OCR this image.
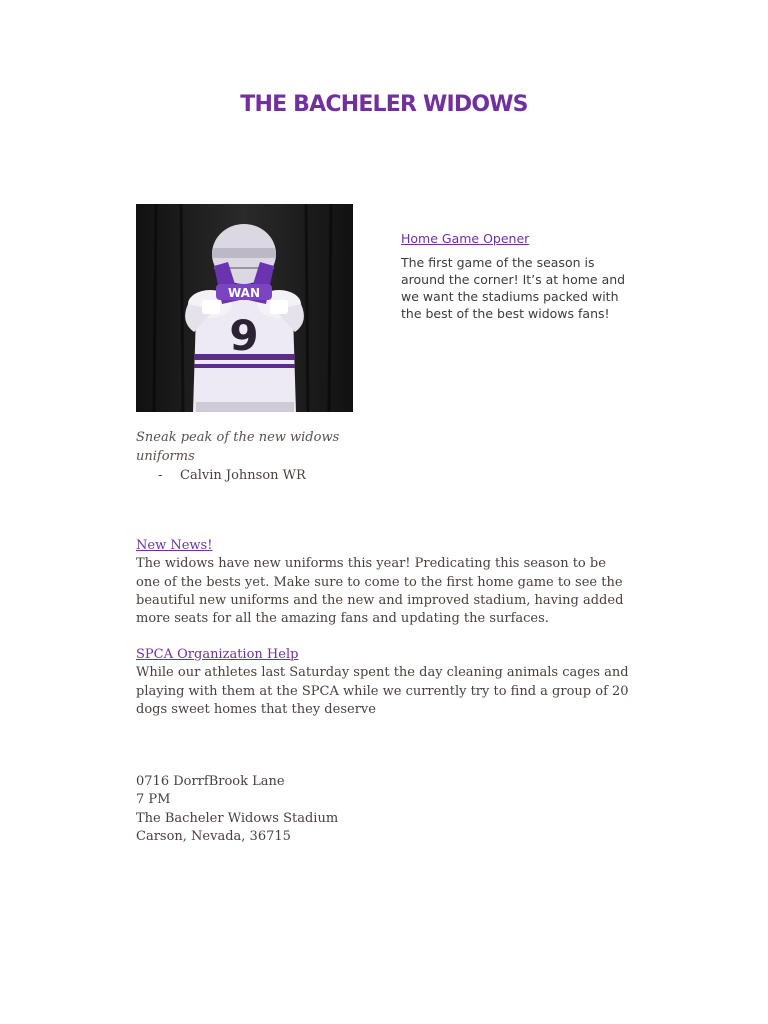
THE BACHELER WIDOWS
WAN
9
Sneak peak of the new widows uniforms
- Calvin Johnson WR
Home Game Opener
The first game of the season is around the corner! It’s at home and we want the stadiums packed with the best of the best widows fans!
New News!

The widows have new uniforms this year! Predicating this season to be one of the bests yet. Make sure to come to the first home game to see the beautiful new uniforms and the new and improved stadium, having added more seats for all the amazing fans and updating the surfaces.

SPCA Organization Help

While our athletes last Saturday spent the day cleaning animals cages and playing with them at the SPCA while we currently try to find a group of 20 dogs sweet homes that they deserve

0716 DorrfBrook Lane
7 PM
The Bacheler Widows Stadium
Carson, Nevada, 36715
